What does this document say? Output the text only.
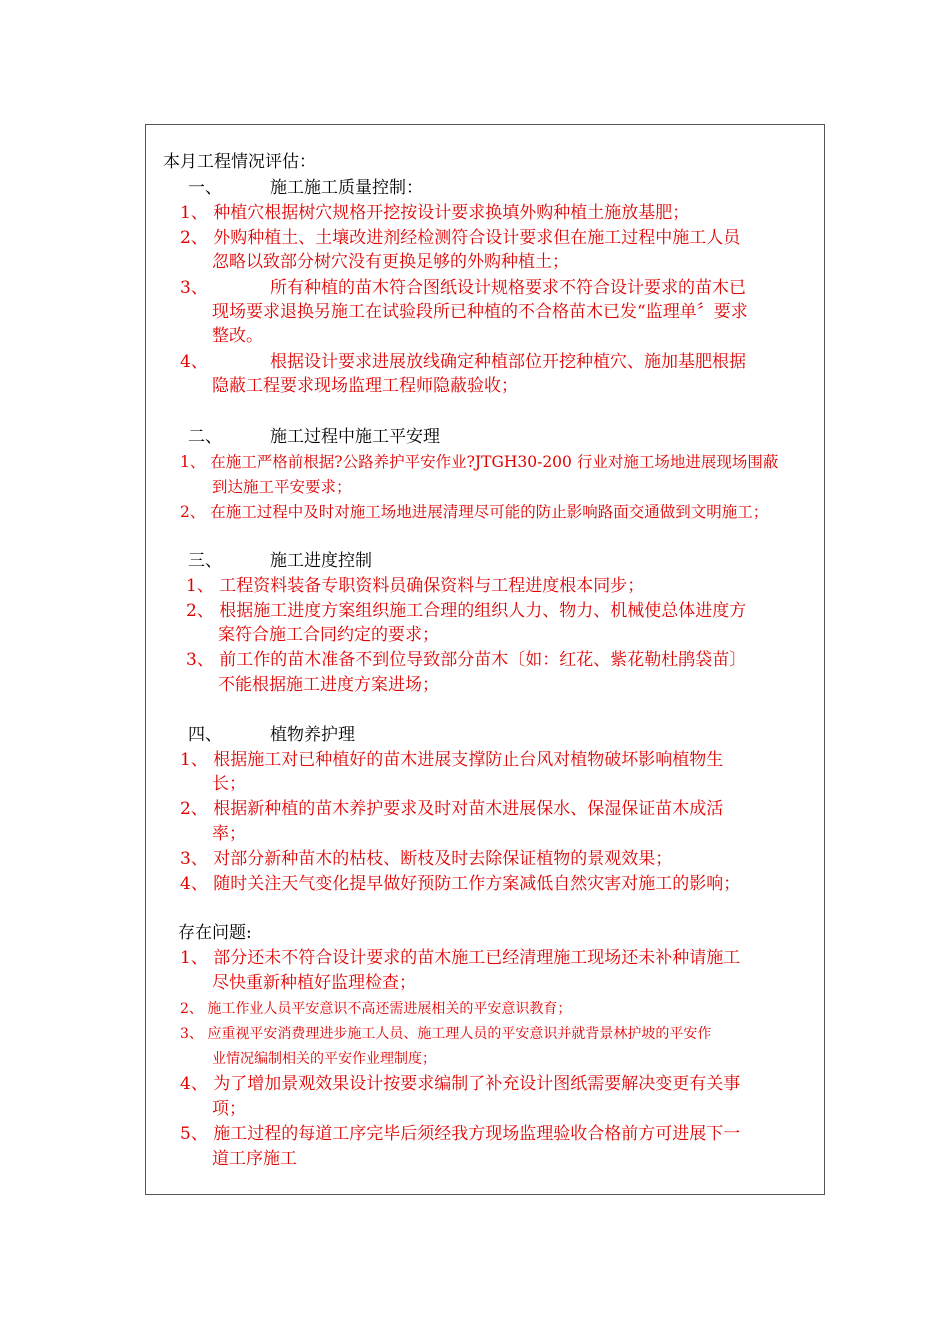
本月工程情况评估：
一、	施工施工质量控制：
1、 种植穴根据树穴规格开挖按设计要求换填外购种植土施放基肥；
2、 外购种植土、土壤改进剂经检测符合设计要求但在施工过程中施工人员
忽略以致部分树穴没有更换足够的外购种植土；
3、	所有种植的苗木符合图纸设计规格要求不符合设计要求的苗木已
现场要求退换另施工在试验段所已种植的不合格苗木已发“监理单〞要求
整改。
4、	根据设计要求进展放线确定种植部位开挖种植穴、施加基肥根据
隐蔽工程要求现场监理工程师隐蔽验收；
二、	施工过程中施工平安理
1、 在施工严格前根据?公路养护平安作业?JTGH30-200 行业对施工场地进展现场围蔽
到达施工平安要求；
2、 在施工过程中及时对施工场地进展清理尽可能的防止影响路面交通做到文明施工；
三、	施工进度控制
1、 工程资料装备专职资料员确保资料与工程进度根本同步；
2、 根据施工进度方案组织施工合理的组织人力、物力、机械使总体进度方
案符合施工合同约定的要求；
3、 前工作的苗木准备不到位导致部分苗木〔如：红花、紫花勒杜鹃袋苗〕
不能根据施工进度方案进场；
四、	植物养护理
1、 根据施工对已种植好的苗木进展支撑防止台风对植物破坏影响植物生
长；
2、 根据新种植的苗木养护要求及时对苗木进展保水、保湿保证苗木成活
率；
3、 对部分新种苗木的枯枝、断枝及时去除保证植物的景观效果；
4、 随时关注天气变化提早做好预防工作方案减低自然灾害对施工的影响；
存在问题:
1、 部分还未不符合设计要求的苗木施工已经清理施工现场还未补种请施工
尽快重新种植好监理检查；
2、 施工作业人员平安意识不高还需进展相关的平安意识教育；
3、 应重视平安消费理进步施工人员、施工理人员的平安意识并就背景林护坡的平安作
业情况编制相关的平安作业理制度；
4、 为了增加景观效果设计按要求编制了补充设计图纸需要解决变更有关事
项；
5、 施工过程的每道工序完毕后须经我方现场监理验收合格前方可进展下一
道工序施工
